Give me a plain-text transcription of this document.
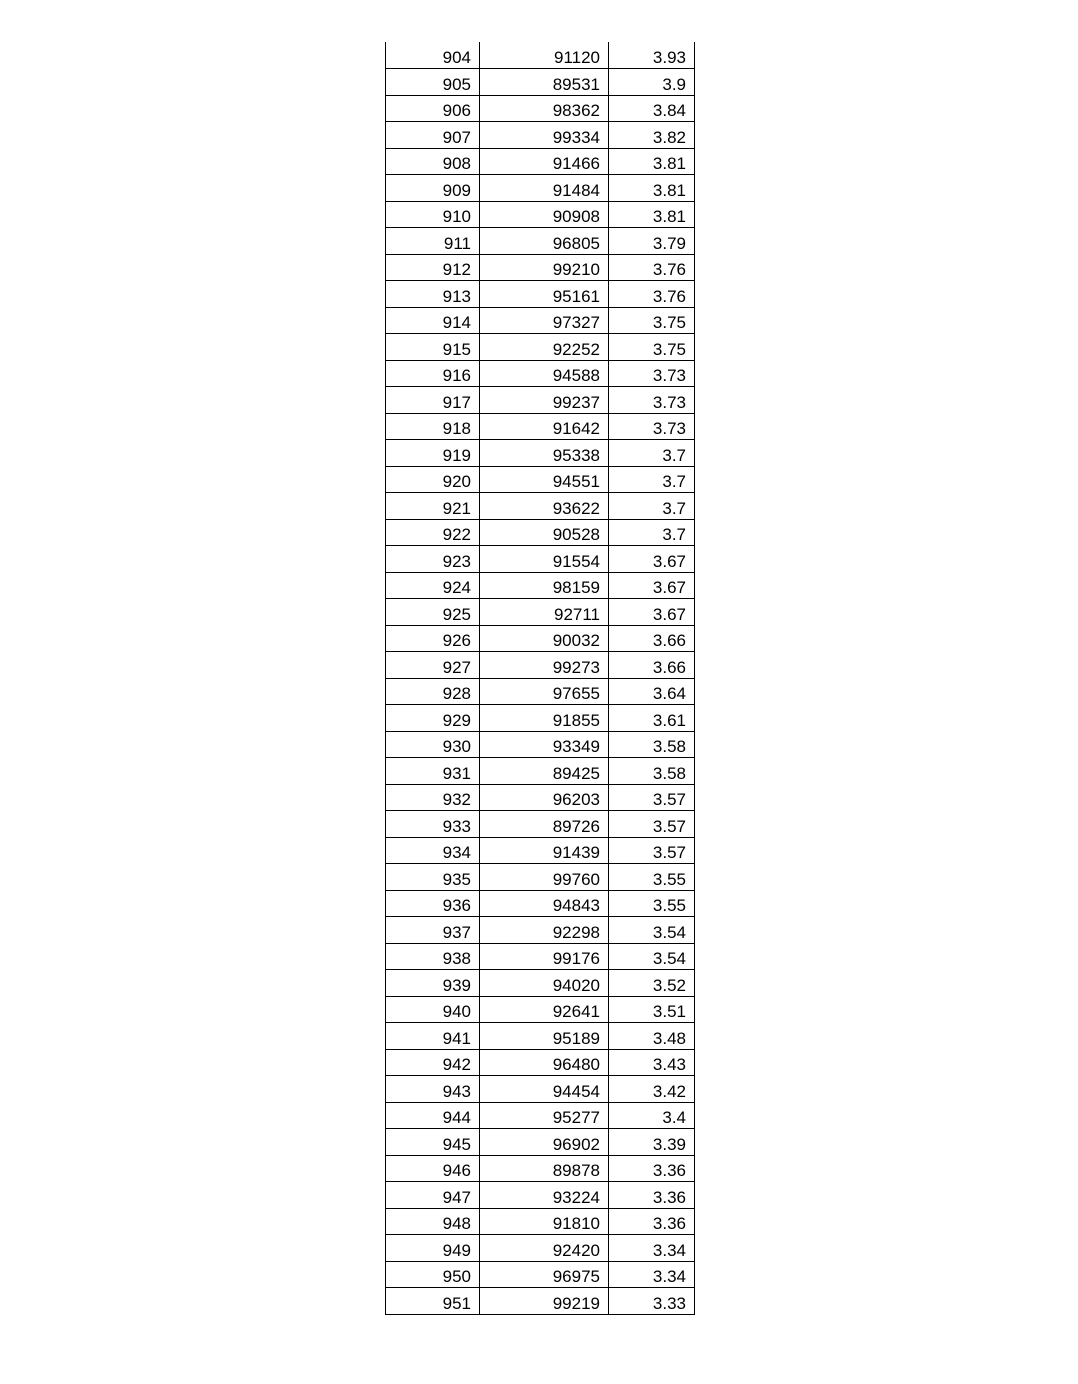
904	91120	3.93
905	89531	3.9
906	98362	3.84
907	99334	3.82
908	91466	3.81
909	91484	3.81
910	90908	3.81
911	96805	3.79
912	99210	3.76
913	95161	3.76
914	97327	3.75
915	92252	3.75
916	94588	3.73
917	99237	3.73
918	91642	3.73
919	95338	3.7
920	94551	3.7
921	93622	3.7
922	90528	3.7
923	91554	3.67
924	98159	3.67
925	92711	3.67
926	90032	3.66
927	99273	3.66
928	97655	3.64
929	91855	3.61
930	93349	3.58
931	89425	3.58
932	96203	3.57
933	89726	3.57
934	91439	3.57
935	99760	3.55
936	94843	3.55
937	92298	3.54
938	99176	3.54
939	94020	3.52
940	92641	3.51
941	95189	3.48
942	96480	3.43
943	94454	3.42
944	95277	3.4
945	96902	3.39
946	89878	3.36
947	93224	3.36
948	91810	3.36
949	92420	3.34
950	96975	3.34
951	99219	3.33
